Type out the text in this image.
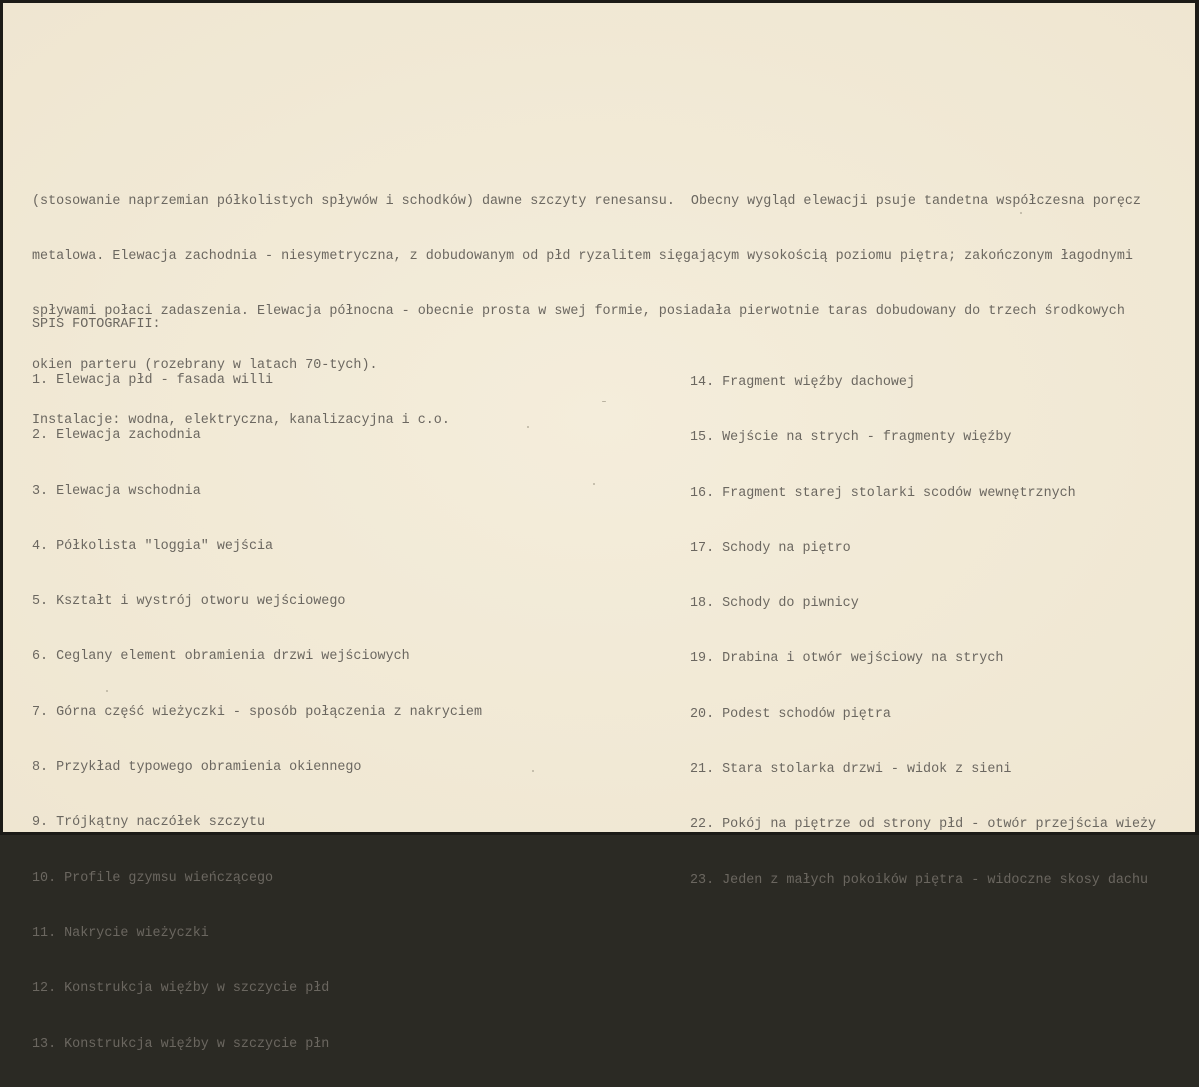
(stosowanie naprzemian półkolistych spływów i schodków) dawne szczyty renesansu.  Obecny wygląd elewacji psuje tandetna współczesna poręcz

metalowa. Elewacja zachodnia - niesymetryczna, z dobudowanym od płd ryzalitem sięgającym wysokością poziomu piętra; zakończonym łagodnymi

spływami połaci zadaszenia. Elewacja północna - obecnie prosta w swej formie, posiadała pierwotnie taras dobudowany do trzech środkowych

okien parteru (rozebrany w latach 70-tych).

Instalacje: wodna, elektryczna, kanalizacyjna i c.o.

SPIS FOTOGRAFII:

1. Elewacja płd - fasada willi

2. Elewacja zachodnia

3. Elewacja wschodnia

4. Półkolista "loggia" wejścia

5. Kształt i wystrój otworu wejściowego

6. Ceglany element obramienia drzwi wejściowych

7. Górna część wieżyczki - sposób połączenia z nakryciem

8. Przykład typowego obramienia okiennego

9. Trójkątny naczółek szczytu

10. Profile gzymsu wieńczącego

11. Nakrycie wieżyczki

12. Konstrukcja więźby w szczycie płd

13. Konstrukcja więźby w szczycie płn

14. Fragment więźby dachowej

15. Wejście na strych - fragmenty więźby

16. Fragment starej stolarki scodów wewnętrznych

17. Schody na piętro

18. Schody do piwnicy

19. Drabina i otwór wejściowy na strych

20. Podest schodów piętra

21. Stara stolarka drzwi - widok z sieni

22. Pokój na piętrze od strony płd - otwór przejścia wieży

23. Jeden z małych pokoików piętra - widoczne skosy dachu
